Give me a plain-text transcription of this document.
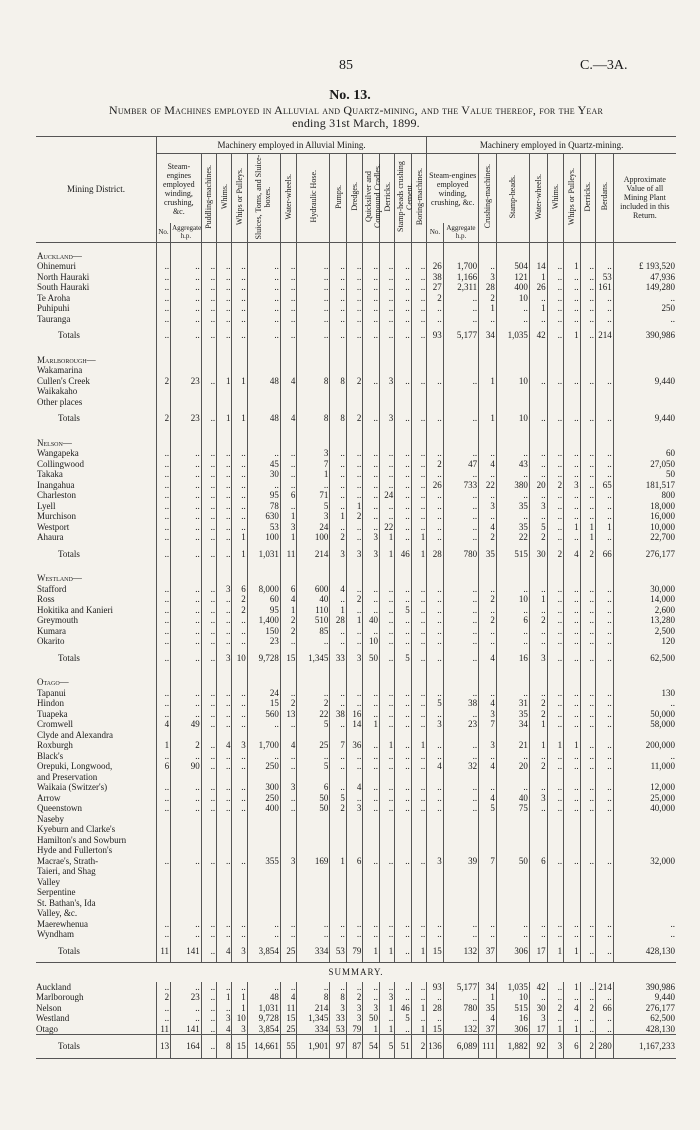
85	C.—3A.
No. 13.
Number of Machines employed in Alluvial and Quartz-mining, and the Value thereof, for the Year
ending 31st March, 1899.
Mining District.	Machinery employed in Alluvial Mining.														Machinery employed in Quartz-mining.									
	Steam-engines employed winding, crushing, &c.		Puddling-machines.	Whims.	Whips or Pulleys.	Sluices, Toms, and Sluice-boxes.	Water-wheels.	Hydraulic Hose.	Pumps.	Dredges.	Quicksilver and Compound Cradles.	Derricks.	Stamp-heads crushing Cement.	Boring-machines.	Steam-engines employed winding, crushing, &c.		Crushing-machines.	Stamp-heads.	Water-wheels.	Whims.	Whips or Pulleys.	Derricks.	Berdans.	Approximate Value of all Mining Plant included in this Return.
	No.	Aggregate h.p.													No.	Aggregate h.p.								
Auckland—																								
Ohinemuri	..	..	..	..	..	..	..	..	..	..	..	..	..	..	26	1,700	..	504	14	..	1	..	..	£ 193,520
North Hauraki	..	..	..	..	..	..	..	..	..	..	..	..	..	..	38	1,166	3	121	1	..	..	..	53	47,936
South Hauraki	..	..	..	..	..	..	..	..	..	..	..	..	..	..	27	2,311	28	400	26	..	..	..	161	149,280
Te Aroha	..	..	..	..	..	..	..	..	..	..	..	..	..	..	2	..	2	10	..	..	..	..	..	..
Puhipuhi	..	..	..	..	..	..	..	..	..	..	..	..	..	..	..	..	1	..	1	..	..	..	..	250
Tauranga	..	..	..	..	..	..	..	..	..	..	..	..	..	..	..	..	..	..	..	..	..	..	..	..
Totals	..	..	..	..	..	..	..	..	..	..	..	..	..	..	93	5,177	34	1,035	42	..	1	..	214	390,986
Marlborough—																								
Wakamarina																								
Cullen's Creek	2	23	..	1	1	48	4	8	8	2	..	3	..	..	..	..	1	10	..	..	..	..	..	9,440
Waikakaho																								
Other places																								
Totals	2	23	..	1	1	48	4	8	8	2	..	3	..	..	..	..	1	10	..	..	..	..	..	9,440
Nelson—																								
Wangapeka	..	..	..	..	..	..	..	3	..	..	..	..	..	..	..	..	..	..	..	..	..	..	..	60
Collingwood	..	..	..	..	..	45	..	7	..	..	..	..	..	..	2	47	4	43	..	..	..	..	..	27,050
Takaka	..	..	..	..	..	30	..	1	..	..	..	..	..	..	..	..	..	..	..	..	..	..	..	50
Inangahua	..	..	..	..	..	..	..	..	..	..	..	..	..	..	26	733	22	380	20	2	3	..	65	181,517
Charleston	..	..	..	..	..	95	6	71	..	..	..	24	..	..	..	..	..	..	..	..	..	..	..	800
Lyell	..	..	..	..	..	78	..	5	..	1	..	..	..	..	..	..	3	35	3	..	..	..	..	18,000
Murchison	..	..	..	..	..	630	1	3	1	2	..	..	..	..	..	..	..	..	..	..	..	..	..	16,000
Westport	..	..	..	..	..	53	3	24	..	..	..	22	..	..	..	..	4	35	5	..	1	1	1	10,000
Ahaura	..	..	..	..	1	100	1	100	2	..	3	1	..	1	..	..	2	22	2	..	..	1	..	22,700
Totals	..	..	..	..	1	1,031	11	214	3	3	3	1	46	1	28	780	35	515	30	2	4	2	66	276,177
Westland—																								
Stafford	..	..	..	3	6	8,000	6	600	4	..	..	..	..	..	..	..	..	..	..	..	..	..	..	30,000
Ross	..	..	..	..	2	60	4	40	..	2	..	..	..	..	..	..	2	10	1	..	..	..	..	14,000
Hokitika and Kanieri	..	..	..	..	2	95	1	110	1	..	..	..	5	..	..	..	..	..	..	..	..	..	..	2,600
Greymouth	..	..	..	..	..	1,400	2	510	28	1	40	..	..	..	..	..	2	6	2	..	..	..	..	13,280
Kumara	..	..	..	..	..	150	2	85	..	..	..	..	..	..	..	..	..	..	..	..	..	..	..	2,500
Okarito	..	..	..	..	..	23	..	..	..	..	10	..	..	..	..	..	..	..	..	..	..	..	..	120
Totals	..	..	..	3	10	9,728	15	1,345	33	3	50	..	5	..	..	..	4	16	3	..	..	..	..	62,500
Otago—																								
Tapanui	..	..	..	..	..	24	..	..	..	..	..	..	..	..	..	..	..	..	..	..	..	..	..	130
Hindon	..	..	..	..	..	15	2	2	..	..	..	..	..	..	5	38	4	31	2	..	..	..	..	..
Tuapeka	..	..	..	..	..	560	13	22	38	16	..	..	..	..	..	..	3	35	2	..	..	..	..	50,000
Cromwell	4	49	..	..	..	..	..	5	..	14	1	..	..	..	3	23	7	34	1	..	..	..	..	58,000
Clyde and Alexandra																								
Roxburgh	1	2	..	4	3	1,700	4	25	7	36	..	1	..	1	..	..	3	21	1	1	1	..	..	200,000
Black's	..	..	..	..	..	..	..	..	..	..	..	..	..	..	..	..	..	..	..	..	..	..	..	..
Orepuki, Longwood,	6	90	..	..	..	250	..	5	..	..	..	..	..	..	4	32	4	20	2	..	..	..	..	11,000
and Preservation																								
Waikaia (Switzer's)	..	..	..	..	..	300	3	6	..	4	..	..	..	..	..	..	..	..	..	..	..	..	..	12,000
Arrow	..	..	..	..	..	250	..	50	5	..	..	..	..	..	..	..	4	40	3	..	..	..	..	25,000
Queenstown	..	..	..	..	..	400	..	50	2	3	..	..	..	..	..	..	5	75	..	..	..	..	..	40,000
Naseby																								
Kyeburn and Clarke's																								
Hamilton's and Sowburn																								
Hyde and Fullerton's																								
Macrae's, Strath-	..	..	..	..	..	355	3	169	1	6	..	..	..	..	3	39	7	50	6	..	..	..	..	32,000
Taieri, and Shag																								
Valley																								
Serpentine																								
St. Bathan's, Ida																								
Valley, &c.																								
Maerewhenua	..	..	..	..	..	..	..	..	..	..	..	..	..	..	..	..	..	..	..	..	..	..	..	..
Wyndham	..	..	..	..	..	..	..	..	..	..	..	..	..	..	..	..	..	..	..	..	..	..	..	..
Totals	11	141	..	4	3	3,854	25	334	53	79	1	1	..	1	15	132	37	306	17	1	1	..	..	428,130
SUMMARY.																								
Auckland	..	..	..	..	..	..	..	..	..	..	..	..	..	..	93	5,177	34	1,035	42	..	1	..	214	390,986
Marlborough	2	23	..	1	1	48	4	8	8	2	..	3	..	..	..	..	1	10	..	..	..	..	..	9,440
Nelson	..	..	..	..	1	1,031	11	214	3	3	3	1	46	1	28	780	35	515	30	2	4	2	66	276,177
Westland	..	..	..	3	10	9,728	15	1,345	33	3	50	..	5	..	..	..	4	16	3	..	..	..	..	62,500
Otago	11	141	..	4	3	3,854	25	334	53	79	1	1	..	1	15	132	37	306	17	1	1	..	..	428,130
Totals	13	164	..	8	15	14,661	55	1,901	97	87	54	5	51	2	136	6,089	111	1,882	92	3	6	2	280	1,167,233
